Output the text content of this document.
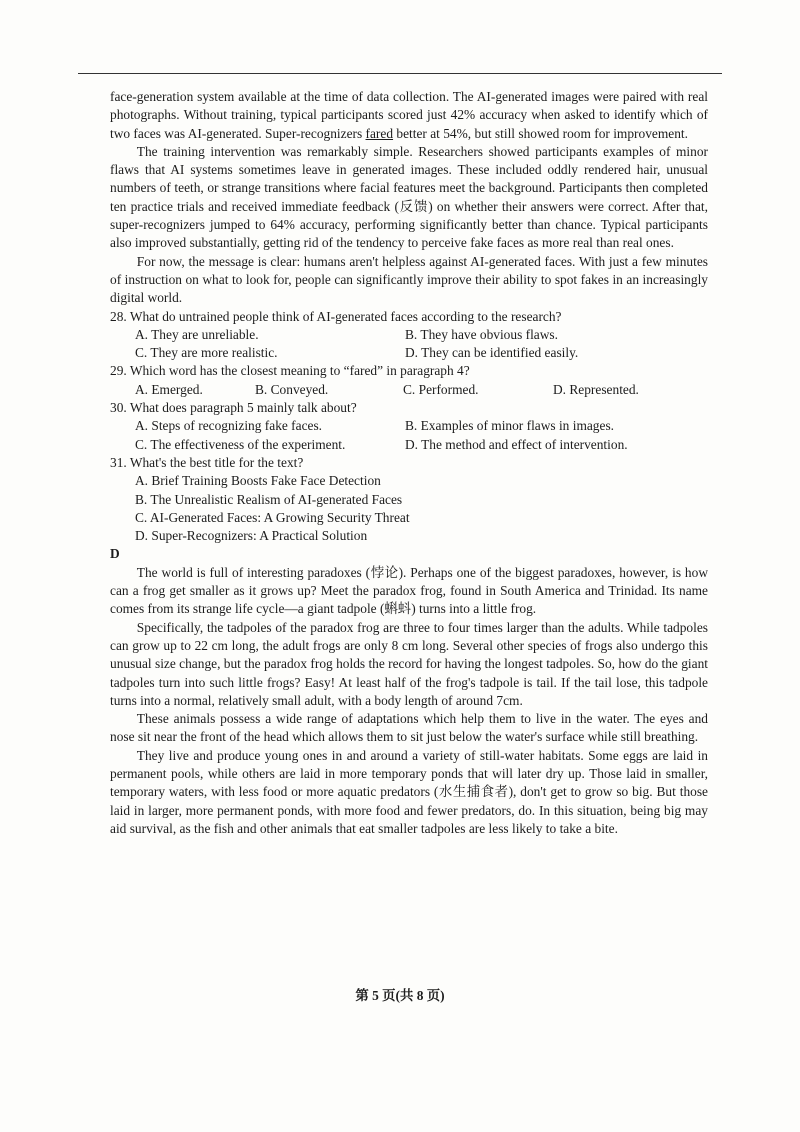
face-generation system available at the time of data collection. The AI-generated images were paired with real photographs. Without training, typical participants scored just 42% accuracy when asked to identify which of two faces was AI-generated. Super-recognizers fared better at 54%, but still showed room for improvement.

The training intervention was remarkably simple. Researchers showed participants examples of minor flaws that AI systems sometimes leave in generated images. These included oddly rendered hair, unusual numbers of teeth, or strange transitions where facial features meet the background. Participants then completed ten practice trials and received immediate feedback (反馈) on whether their answers were correct. After that, super-recognizers jumped to 64% accuracy, performing significantly better than chance. Typical participants also improved substantially, getting rid of the tendency to perceive fake faces as more real than real ones.

For now, the message is clear: humans aren't helpless against AI-generated faces. With just a few minutes of instruction on what to look for, people can significantly improve their ability to spot fakes in an increasingly digital world.

28. What do untrained people think of AI-generated faces according to the research?

A. They are unreliable.	B. They have obvious flaws.
C. They are more realistic.	D. They can be identified easily.

29. Which word has the closest meaning to “fared” in paragraph 4?

A. Emerged.	B. Conveyed.	C. Performed.	D. Represented.

30. What does paragraph 5 mainly talk about?

A. Steps of recognizing fake faces.	B. Examples of minor flaws in images.
C. The effectiveness of the experiment.	D. The method and effect of intervention.

31. What's the best title for the text?

A. Brief Training Boosts Fake Face Detection
B. The Unrealistic Realism of AI-generated Faces
C. AI-Generated Faces: A Growing Security Threat
D. Super-Recognizers: A Practical Solution

D

The world is full of interesting paradoxes (悖论). Perhaps one of the biggest paradoxes, however, is how can a frog get smaller as it grows up? Meet the paradox frog, found in South America and Trinidad. Its name comes from its strange life cycle—a giant tadpole (蝌蚪) turns into a little frog.

Specifically, the tadpoles of the paradox frog are three to four times larger than the adults. While tadpoles can grow up to 22 cm long, the adult frogs are only 8 cm long. Several other species of frogs also undergo this unusual size change, but the paradox frog holds the record for having the longest tadpoles. So, how do the giant tadpoles turn into such little frogs? Easy! At least half of the frog's tadpole is tail. If the tail lose, this tadpole turns into a normal, relatively small adult, with a body length of around 7cm.

These animals possess a wide range of adaptations which help them to live in the water. The eyes and nose sit near the front of the head which allows them to sit just below the water's surface while still breathing.

They live and produce young ones in and around a variety of still-water habitats. Some eggs are laid in permanent pools, while others are laid in more temporary ponds that will later dry up. Those laid in smaller, temporary waters, with less food or more aquatic predators (水生捕食者), don't get to grow so big. But those laid in larger, more permanent ponds, with more food and fewer predators, do. In this situation, being big may aid survival, as the fish and other animals that eat smaller tadpoles are less likely to take a bite.

第 5 页(共 8 页)
